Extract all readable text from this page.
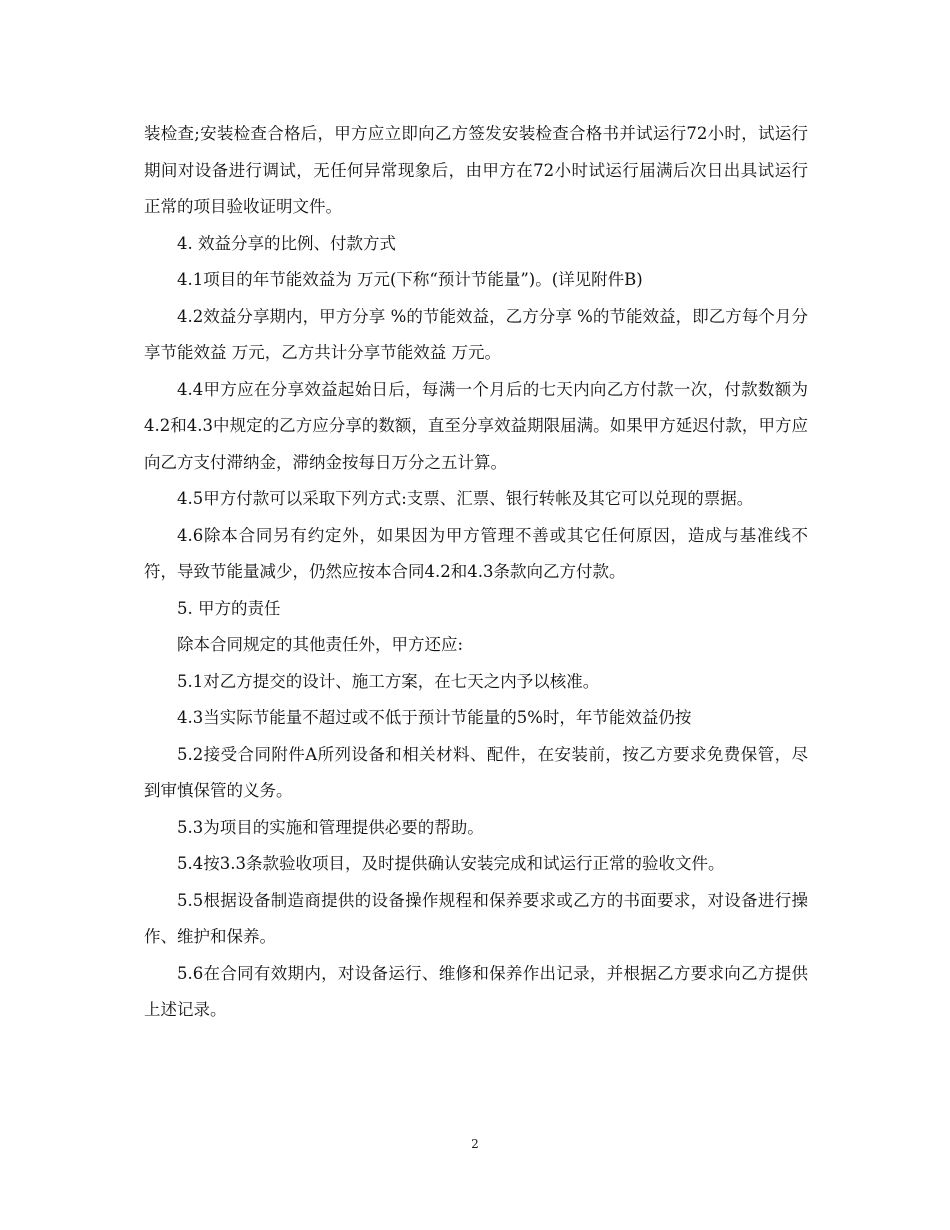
装检查;安装检查合格后，甲方应立即向乙方签发安装检查合格书并试运行72小时，试运行期间对设备进行调试，无任何异常现象后，由甲方在72小时试运行届满后次日出具试运行正常的项目验收证明文件。

4. 效益分享的比例、付款方式

4.1项目的年节能效益为 万元(下称“预计节能量”)。(详见附件B)

4.2效益分享期内，甲方分享 %的节能效益，乙方分享 %的节能效益，即乙方每个月分享节能效益 万元，乙方共计分享节能效益 万元。

4.4甲方应在分享效益起始日后，每满一个月后的七天内向乙方付款一次，付款数额为4.2和4.3中规定的乙方应分享的数额，直至分享效益期限届满。如果甲方延迟付款，甲方应向乙方支付滞纳金，滞纳金按每日万分之五计算。

4.5甲方付款可以采取下列方式:支票、汇票、银行转帐及其它可以兑现的票据。

4.6除本合同另有约定外，如果因为甲方管理不善或其它任何原因，造成与基准线不符，导致节能量减少，仍然应按本合同4.2和4.3条款向乙方付款。

5. 甲方的责任

除本合同规定的其他责任外，甲方还应:

5.1对乙方提交的设计、施工方案，在七天之内予以核准。

4.3当实际节能量不超过或不低于预计节能量的5%时，年节能效益仍按

5.2接受合同附件A所列设备和相关材料、配件，在安装前，按乙方要求免费保管，尽到审慎保管的义务。

5.3为项目的实施和管理提供必要的帮助。

5.4按3.3条款验收项目，及时提供确认安装完成和试运行正常的验收文件。

5.5根据设备制造商提供的设备操作规程和保养要求或乙方的书面要求，对设备进行操作、维护和保养。

5.6在合同有效期内，对设备运行、维修和保养作出记录，并根据乙方要求向乙方提供上述记录。

2
